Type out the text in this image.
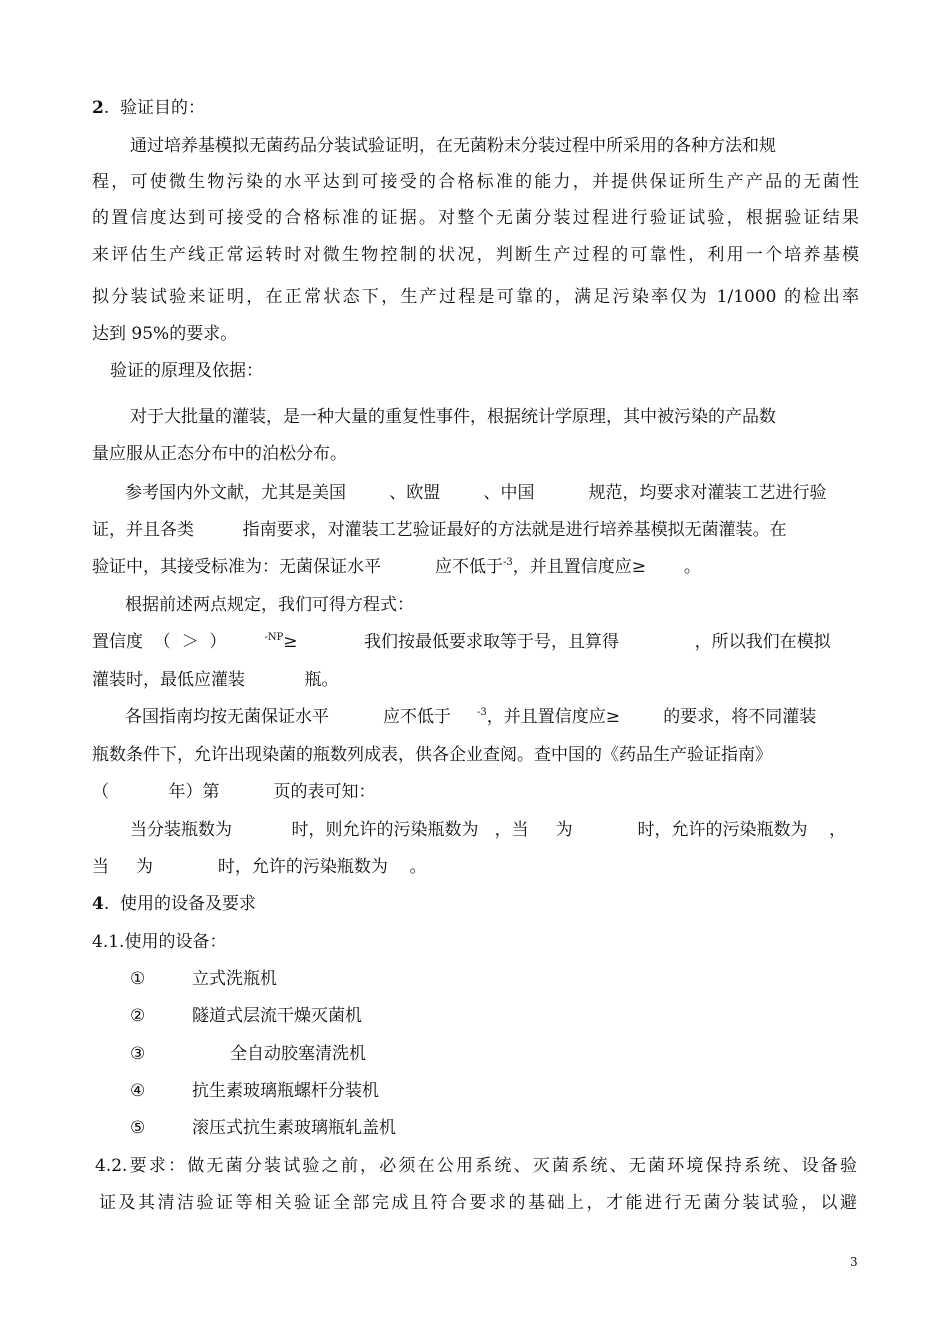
2.  验证目的：
通过培养基模拟无菌药品分装试验证明，在无菌粉末分装过程中所采用的各种方法和规
程，可使微生物污染的水平达到可接受的合格标准的能力，并提供保证所生产产品的无菌性
的置信度达到可接受的合格标准的证据。对整个无菌分装过程进行验证试验，根据验证结果
来评估生产线正常运转时对微生物控制的状况，判断生产过程的可靠性，利用一个培养基模
拟分装试验来证明，在正常状态下，生产过程是可靠的，满足污染率仅为 1/1000 的检出率
达到 95%的要求。
验证的原理及依据：
对于大批量的灌装，是一种大量的重复性事件，根据统计学原理，其中被污染的产品数
量应服从正态分布中的泊松分布。
参考国内外文献，尤其是美国        、欧盟        、中国          规范，均要求对灌装工艺进行验
证，并且各类         指南要求，对灌装工艺验证最好的方法就是进行培养基模拟无菌灌装。在
验证中，其接受标准为：无菌保证水平          应不低于$^{-3}$，并且置信度应≥       。
根据前述两点规定，我们可得方程式：
置信度  （  ＞  ）	$^{-NP}$≥	我们按最低要求取等于号，且算得              ，所以我们在模拟
灌装时，最低应灌装           瓶。
各国指南均按无菌保证水平          应不低于	$^{-3}$，并且置信度应≥        的要求，将不同灌装
瓶数条件下，允许出现染菌的瓶数列成表，供各企业查阅。查中国的《药品生产验证指南》
（           年）第          页的表可知：
当分装瓶数为           时，则允许的污染瓶数为   ，当     为            时，允许的污染瓶数为    ，
当     为            时，允许的污染瓶数为    。
4.  使用的设备及要求
4.1.使用的设备：
①	立式洗瓶机
②	隧道式层流干燥灭菌机
③	全自动胶塞清洗机
④	抗生素玻璃瓶螺杆分装机
⑤	滚压式抗生素玻璃瓶轧盖机
4.2.要求：做无菌分装试验之前，必须在公用系统、灭菌系统、无菌环境保持系统、设备验
证及其清洁验证等相关验证全部完成且符合要求的基础上，才能进行无菌分装试验，以避
3
